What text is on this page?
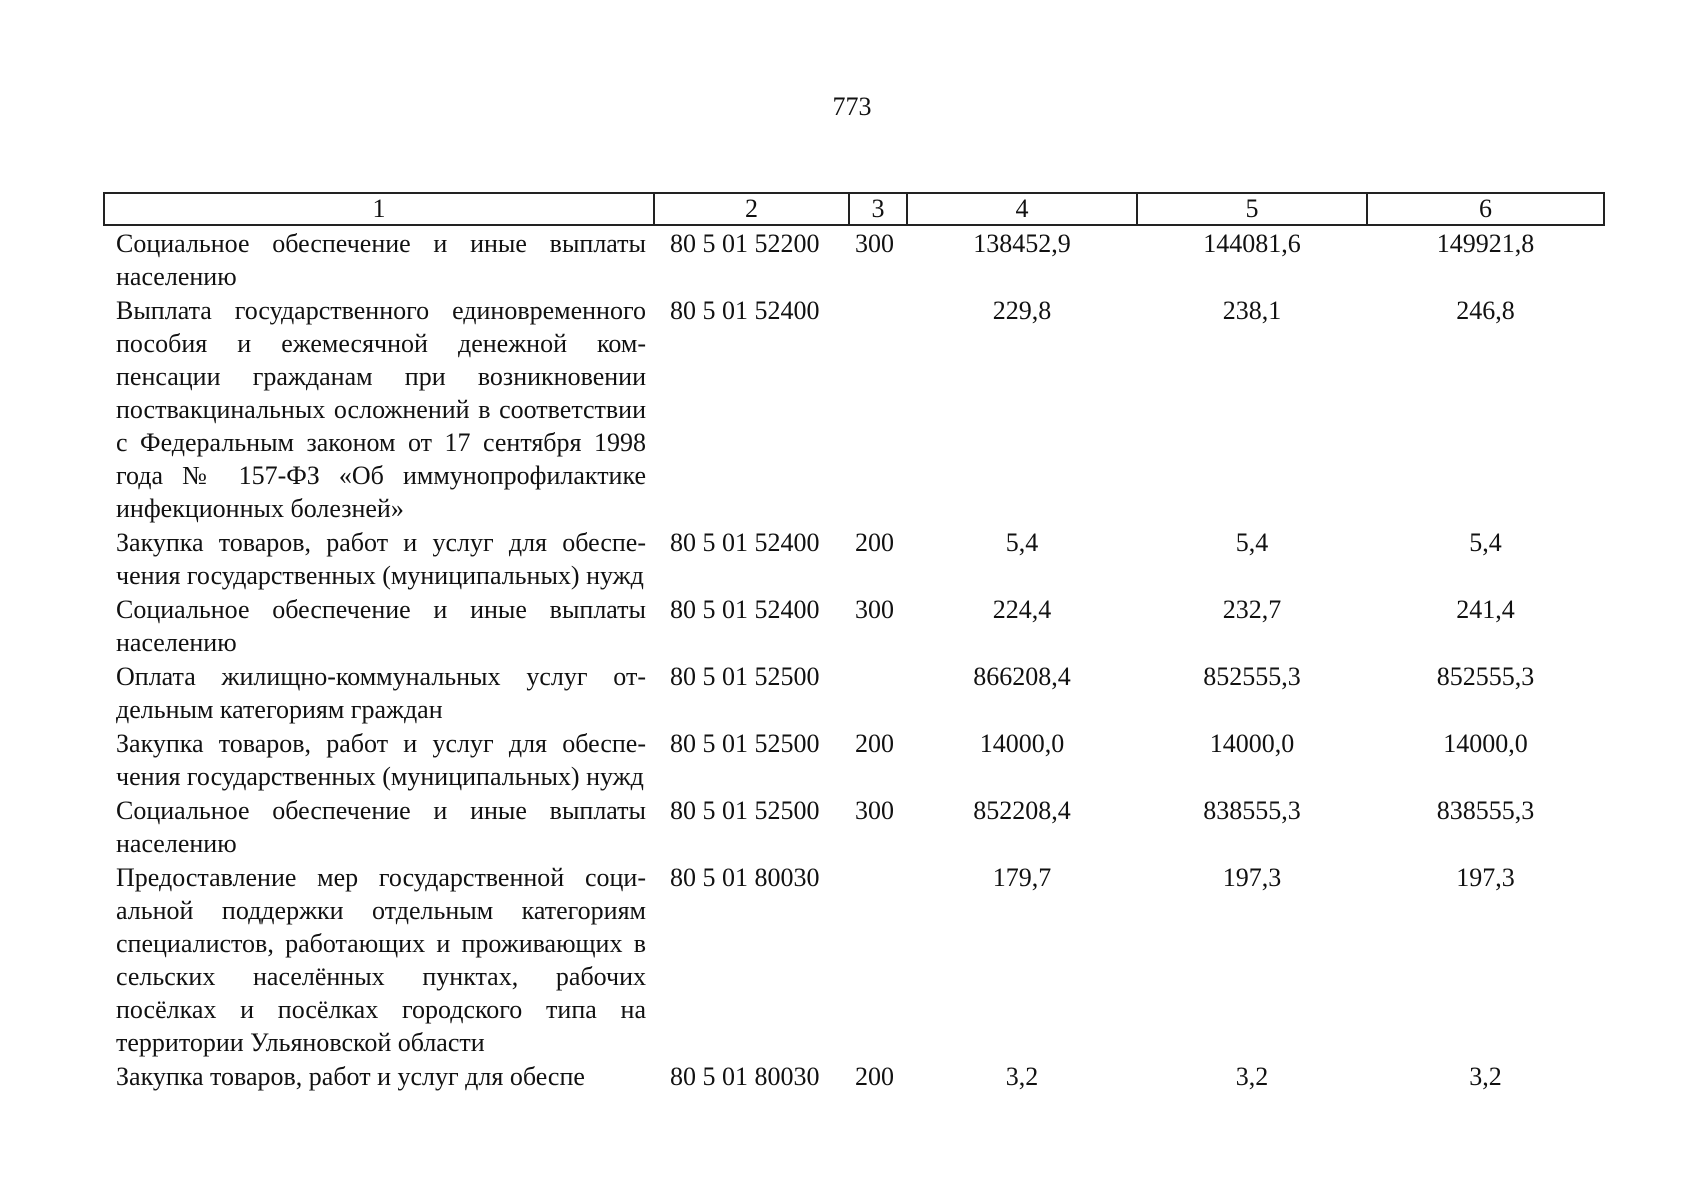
773
1	2	3	4	5	6
Социальное обеспечение и иные выплаты населению	80 5 01 52200	300	138452,9	144081,6	149921,8
Выплата государственного единовременного пособия и ежемесячной денежной компенсации гражданам при возникновении поствакцинальных осложнений в соответствии с Федеральным законом от 17 сентября 1998 года № 157-ФЗ «Об иммунопрофилактике инфекционных болезней»	80 5 01 52400		229,8	238,1	246,8
Закупка товаров, работ и услуг для обеспечения государственных (муниципальных) нужд	80 5 01 52400	200	5,4	5,4	5,4
Социальное обеспечение и иные выплаты населению	80 5 01 52400	300	224,4	232,7	241,4
Оплата жилищно-коммунальных услуг отдельным категориям граждан	80 5 01 52500		866208,4	852555,3	852555,3
Закупка товаров, работ и услуг для обеспечения государственных (муниципальных) нужд	80 5 01 52500	200	14000,0	14000,0	14000,0
Социальное обеспечение и иные выплаты населению	80 5 01 52500	300	852208,4	838555,3	838555,3
Предоставление мер государственной социальной поддержки отдельным категориям специалистов, работающих и проживающих в сельских населённых пунктах, рабочих посёлках и посёлках городского типа на территории Ульяновской области	80 5 01 80030		179,7	197,3	197,3
Закупка товаров, работ и услуг для обеспе	80 5 01 80030	200	3,2	3,2	3,2
